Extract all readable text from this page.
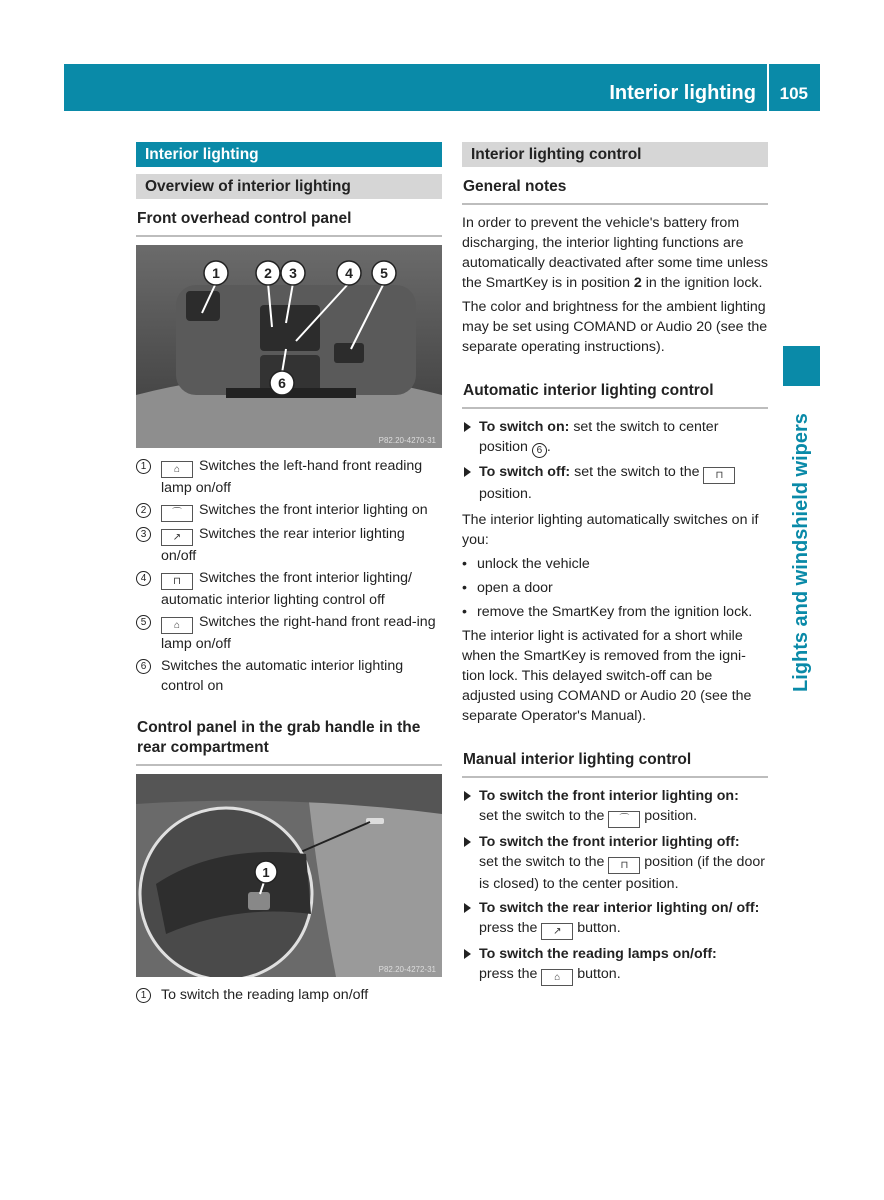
Interior lighting 105
Lights and windshield wipers
Interior lighting
Overview of interior lighting
Front overhead control panel
1	2 3	4 5
6
P82.20-4270-31
1	⌂ Switches the left-hand front reading lamp on/off
2	⌒ Switches the front interior lighting on
3	↗ Switches the rear interior lighting on/off
4	⊓ Switches the front interior lighting/ automatic interior lighting control off
5	⌂ Switches the right-hand front read-ing lamp on/off
6	Switches the automatic interior lighting control on
Control panel in the grab handle in the rear compartment
1
P82.20-4272-31
1	To switch the reading lamp on/off
Interior lighting control
General notes

In order to prevent the vehicle's battery from discharging, the interior lighting functions are automatically deactivated after some time unless the SmartKey is in position 2 in the ignition lock.

The color and brightness for the ambient lighting may be set using COMAND or Audio 20 (see the separate operating instructions).

Automatic interior lighting control
To switch on: set the switch to center position 6 .
To switch off: set the switch to the ⊓ position.

The interior lighting automatically switches on if you:

• unlock the vehicle
• open a door
• remove the SmartKey from the ignition lock.

The interior light is activated for a short while when the SmartKey is removed from the igni-tion lock. This delayed switch-off can be adjusted using COMAND or Audio 20 (see the separate Operator's Manual).

Manual interior lighting control
To switch the front interior lighting on:
set the switch to the ⌒ position.
To switch the front interior lighting off:
set the switch to the ⊓ position (if the door is closed) to the center position.
To switch the rear interior lighting on/ off: press the ↗ button.
To switch the reading lamps on/off:
press the ⌂ button.
